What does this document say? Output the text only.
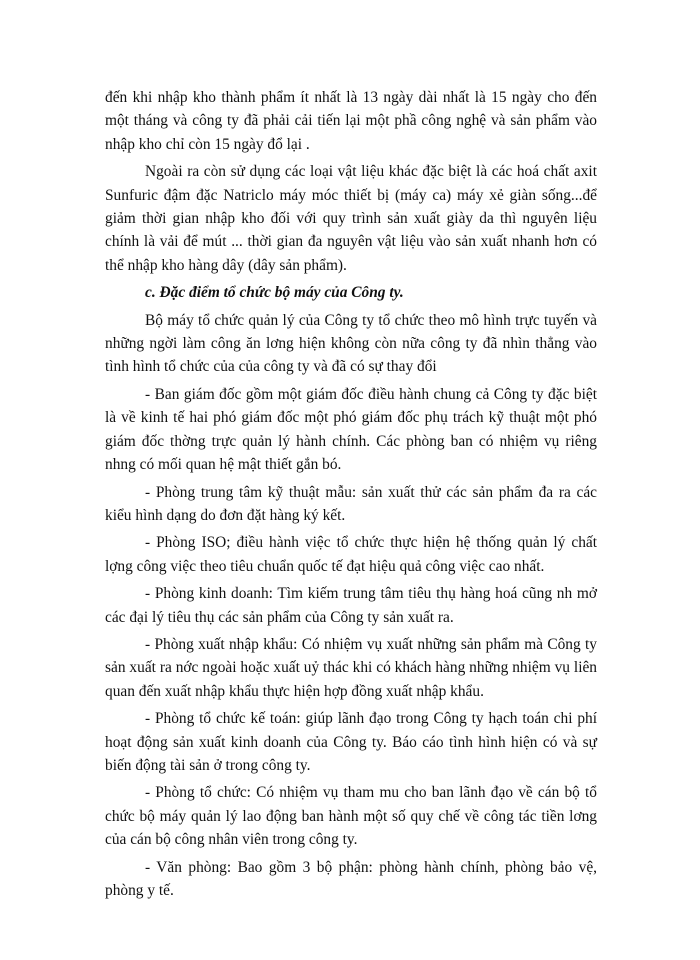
đến khi nhập kho thành phẩm ít nhất là 13 ngày dài nhất là 15 ngày cho đến một tháng và công ty đã phải cải tiến lại một phầ công nghệ và sản phẩm vào nhập kho chỉ còn 15 ngày đổ lại .

Ngoài ra còn sử dụng các loại vật liệu khác đặc biệt là các hoá chất axit Sunfuric đậm đặc Natriclo máy móc thiết bị (máy ca) máy xẻ giàn sống...để giảm thời gian nhập kho đối với quy trình sản xuất giày da thì nguyên liệu chính là vải để mút ... thời gian đa nguyên vật liệu vào sản xuất nhanh hơn có thể nhập kho hàng dây (dây sản phẩm).

c. Đặc điểm tổ chức bộ máy của Công ty.

Bộ máy tổ chức quản lý của Công ty tổ chức theo mô hình trực tuyến và những ngời làm công ăn lơng hiện không còn nữa công ty đã nhìn thẳng vào tình hình tổ chức của của công ty và đã có sự thay đổi

- Ban giám đốc gồm một giám đốc điều hành chung cả Công ty đặc biệt là về kinh tế hai phó giám đốc một phó giám đốc phụ trách kỹ thuật một phó giám đốc thờng trực quản lý hành chính. Các phòng ban có nhiệm vụ riêng nhng có mối quan hệ mật thiết gắn bó.

- Phòng trung tâm kỹ thuật mẫu: sản xuất thử các sản phẩm đa ra các kiểu hình dạng do đơn đặt hàng ký kết.

- Phòng ISO; điều hành việc tổ chức thực hiện hệ thống quản lý chất lợng công việc theo tiêu chuẩn quốc tế đạt hiệu quả công việc cao nhất.

- Phòng kinh doanh: Tìm kiếm trung tâm tiêu thụ hàng hoá cũng nh mở các đại lý tiêu thụ các sản phẩm của Công ty sản xuất ra.

- Phòng xuất nhập khẩu: Có nhiệm vụ xuất những sản phẩm mà Công ty sản xuất ra nớc ngoài hoặc xuất uỷ thác khi có khách hàng những nhiệm vụ liên quan đến xuất nhập khẩu thực hiện hợp đồng xuất nhập khẩu.

- Phòng tổ chức kế toán: giúp lãnh đạo trong Công ty hạch toán chi phí hoạt động sản xuất kinh doanh của Công ty. Báo cáo tình hình hiện có và sự biến động tài sản ở trong công ty.

- Phòng tổ chức: Có nhiệm vụ tham mu cho ban lãnh đạo về cán bộ tổ chức bộ máy quản lý lao động ban hành một số quy chế về công tác tiền lơng của cán bộ công nhân viên trong công ty.

- Văn phòng: Bao gồm 3 bộ phận: phòng hành chính, phòng bảo vệ, phòng y tế.
